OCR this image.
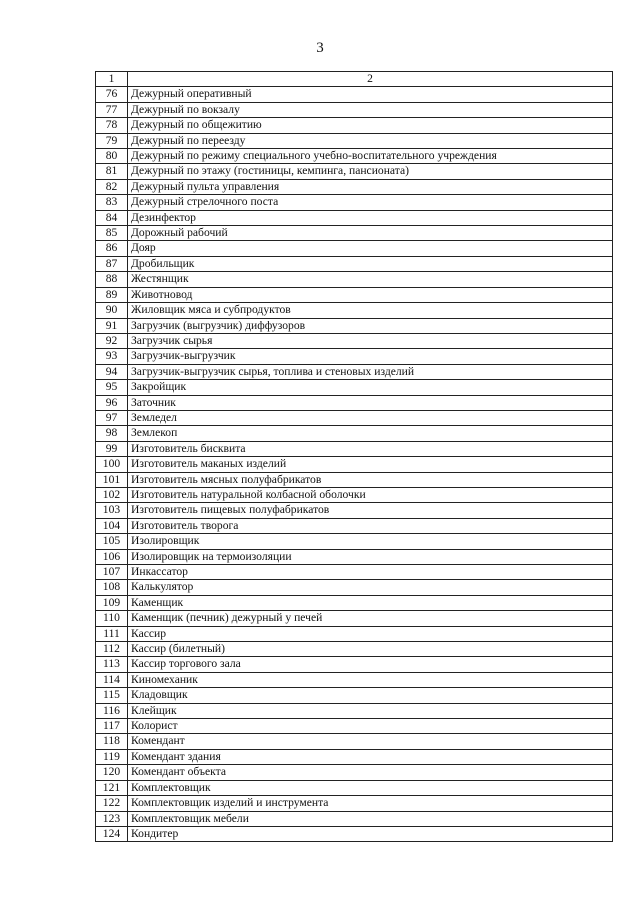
3
1	2
76	Дежурный оперативный
77	Дежурный по вокзалу
78	Дежурный по общежитию
79	Дежурный по переезду
80	Дежурный по режиму специального учебно-воспитательного учреждения
81	Дежурный по этажу (гостиницы, кемпинга, пансионата)
82	Дежурный пульта управления
83	Дежурный стрелочного поста
84	Дезинфектор
85	Дорожный рабочий
86	Дояр
87	Дробильщик
88	Жестянщик
89	Животновод
90	Жиловщик мяса и субпродуктов
91	Загрузчик (выгрузчик) диффузоров
92	Загрузчик сырья
93	Загрузчик-выгрузчик
94	Загрузчик-выгрузчик сырья, топлива и стеновых изделий
95	Закройщик
96	Заточник
97	Земледел
98	Землекоп
99	Изготовитель бисквита
100	Изготовитель маканых изделий
101	Изготовитель мясных полуфабрикатов
102	Изготовитель натуральной колбасной оболочки
103	Изготовитель пищевых полуфабрикатов
104	Изготовитель творога
105	Изолировщик
106	Изолировщик на термоизоляции
107	Инкассатор
108	Калькулятор
109	Каменщик
110	Каменщик (печник) дежурный у печей
111	Кассир
112	Кассир (билетный)
113	Кассир торгового зала
114	Киномеханик
115	Кладовщик
116	Клейщик
117	Колорист
118	Комендант
119	Комендант здания
120	Комендант объекта
121	Комплектовщик
122	Комплектовщик изделий и инструмента
123	Комплектовщик мебели
124	Кондитер
